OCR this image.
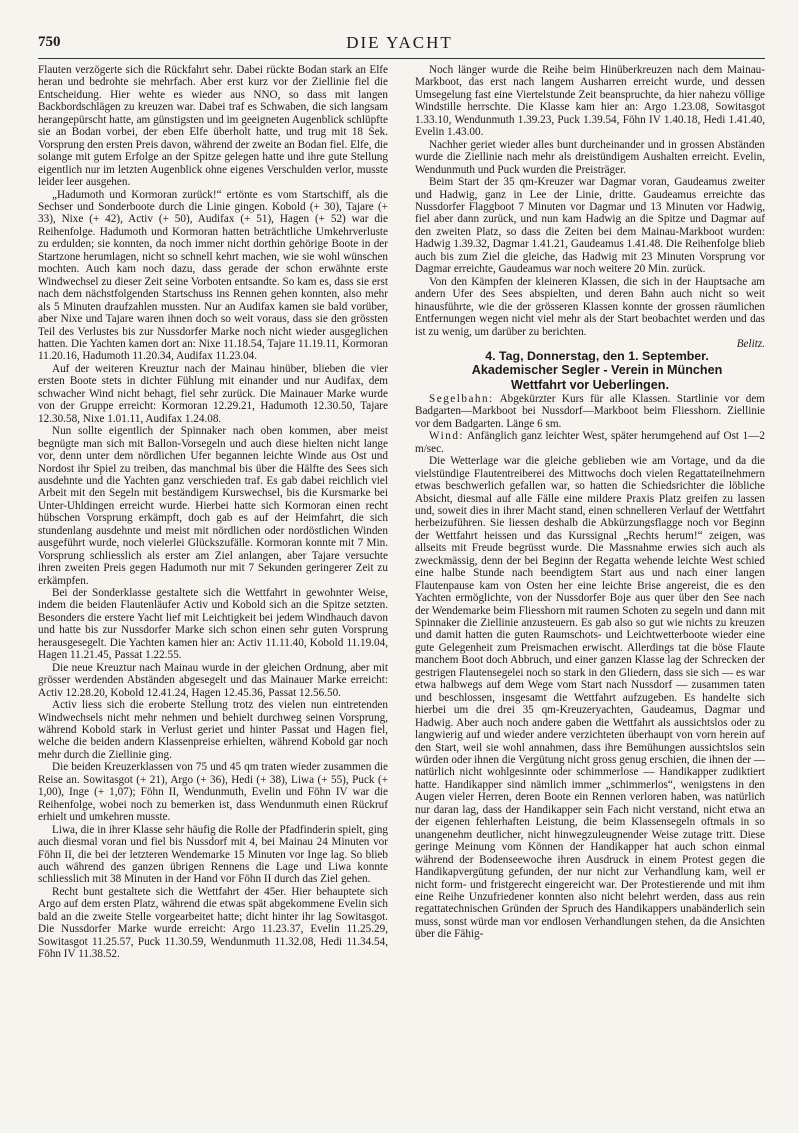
750	DIE YACHT

Flauten verzögerte sich die Rückfahrt sehr. Dabei rückte Bodan stark an Elfe heran und bedrohte sie mehrfach. Aber erst kurz vor der Ziellinie fiel die Entscheidung. Hier wehte es wieder aus NNO, so dass mit langen Backbordschlägen zu kreuzen war. Dabei traf es Schwaben, die sich langsam herangepürscht hatte, am günstigsten und im geeigneten Augenblick schlüpfte sie an Bodan vorbei, der eben Elfe überholt hatte, und trug mit 18 Sek. Vorsprung den ersten Preis davon, während der zweite an Bodan fiel. Elfe, die solange mit gutem Erfolge an der Spitze gelegen hatte und ihre gute Stellung eigentlich nur im letzten Augenblick ohne eigenes Verschulden verlor, musste leider leer ausgehen.

„Hadumoth und Kormoran zurück!“ ertönte es vom Startschiff, als die Sechser und Sonderboote durch die Linie gingen. Kobold (+ 30), Tajare (+ 33), Nixe (+ 42), Activ (+ 50), Audifax (+ 51), Hagen (+ 52) war die Reihenfolge. Hadumoth und Kormoran hatten beträchtliche Umkehrverluste zu erdulden; sie konnten, da noch immer nicht dorthin gehörige Boote in der Startzone herumlagen, nicht so schnell kehrt machen, wie sie wohl wünschen mochten. Auch kam noch dazu, dass gerade der schon erwähnte erste Windwechsel zu dieser Zeit seine Vorboten entsandte. So kam es, dass sie erst nach dem nächstfolgenden Startschuss ins Rennen gehen konnten, also mehr als 5 Minuten draufzahlen mussten. Nur an Audifax kamen sie bald vorüber, aber Nixe und Tajare waren ihnen doch so weit voraus, dass sie den grössten Teil des Verlustes bis zur Nussdorfer Marke noch nicht wieder ausgeglichen hatten. Die Yachten kamen dort an: Nixe 11.18.54, Tajare 11.19.11, Kormoran 11.20.16, Hadumoth 11.20.34, Audifax 11.23.04.

Auf der weiteren Kreuztur nach der Mainau hinüber, blieben die vier ersten Boote stets in dichter Fühlung mit einander und nur Audifax, dem schwacher Wind nicht behagt, fiel sehr zurück. Die Mainauer Marke wurde von der Gruppe erreicht: Kormoran 12.29.21, Hadumoth 12.30.50, Tajare 12.30.58, Nixe 1.01.11, Audifax 1.24.08.

Nun sollte eigentlich der Spinnaker nach oben kommen, aber meist begnügte man sich mit Ballon-Vorsegeln und auch diese hielten nicht lange vor, denn unter dem nördlichen Ufer begannen leichte Winde aus Ost und Nordost ihr Spiel zu treiben, das manchmal bis über die Hälfte des Sees sich ausdehnte und die Yachten ganz verschieden traf. Es gab dabei reichlich viel Arbeit mit den Segeln mit beständigem Kurswechsel, bis die Kursmarke bei Unter-Uhldingen erreicht wurde. Hierbei hatte sich Kormoran einen recht hübschen Vorsprung erkämpft, doch gab es auf der Heimfahrt, die sich stundenlang ausdehnte und meist mit nördlichen oder nordöstlichen Winden ausgeführt wurde, noch vielerlei Glückszufälle. Kormoran konnte mit 7 Min. Vorsprung schliesslich als erster am Ziel anlangen, aber Tajare versuchte ihren zweiten Preis gegen Hadumoth nur mit 7 Sekunden geringerer Zeit zu erkämpfen.

Bei der Sonderklasse gestaltete sich die Wettfahrt in gewohnter Weise, indem die beiden Flautenläufer Activ und Kobold sich an die Spitze setzten. Besonders die erstere Yacht lief mit Leichtigkeit bei jedem Windhauch davon und hatte bis zur Nussdorfer Marke sich schon einen sehr guten Vorsprung herausgesegelt. Die Yachten kamen hier an: Activ 11.11.40, Kobold 11.19.04, Hagen 11.21.45, Passat 1.22.55.

Die neue Kreuztur nach Mainau wurde in der gleichen Ordnung, aber mit grösser werdenden Abständen abgesegelt und das Mainauer Marke erreicht: Activ 12.28.20, Kobold 12.41.24, Hagen 12.45.36, Passat 12.56.50.

Activ liess sich die eroberte Stellung trotz des vielen nun eintretenden Windwechsels nicht mehr nehmen und behielt durchweg seinen Vorsprung, während Kobold stark in Verlust geriet und hinter Passat und Hagen fiel, welche die beiden andern Klassenpreise erhielten, während Kobold gar noch mehr durch die Ziellinie ging.

Die beiden Kreuzerklassen von 75 und 45 qm traten wieder zusammen die Reise an. Sowitasgot (+ 21), Argo (+ 36), Hedi (+ 38), Liwa (+ 55), Puck (+ 1,00), Inge (+ 1,07); Föhn II, Wendunmuth, Evelin und Föhn IV war die Reihenfolge, wobei noch zu bemerken ist, dass Wendunmuth einen Rückruf erhielt und umkehren musste.

Liwa, die in ihrer Klasse sehr häufig die Rolle der Pfadfinderin spielt, ging auch diesmal voran und fiel bis Nussdorf mit 4, bei Mainau 24 Minuten vor Föhn II, die bei der letzteren Wendemarke 15 Minuten vor Inge lag. So blieb auch während des ganzen übrigen Rennens die Lage und Liwa konnte schliesslich mit 38 Minuten in der Hand vor Föhn II durch das Ziel gehen.

Recht bunt gestaltete sich die Wettfahrt der 45er. Hier behauptete sich Argo auf dem ersten Platz, während die etwas spät abgekommene Evelin sich bald an die zweite Stelle vorgearbeitet hatte; dicht hinter ihr lag Sowitasgot. Die Nussdorfer Marke wurde erreicht: Argo 11.23.37, Evelin 11.25.29, Sowitasgot 11.25.57, Puck 11.30.59, Wendunmuth 11.32.08, Hedi 11.34.54, Föhn IV 11.38.52.

Noch länger wurde die Reihe beim Hinüberkreuzen nach dem Mainau-Markboot, das erst nach langem Ausharren erreicht wurde, und dessen Umsegelung fast eine Viertelstunde Zeit beanspruchte, da hier nahezu völlige Windstille herrschte. Die Klasse kam hier an: Argo 1.23.08, Sowitasgot 1.33.10, Wendunmuth 1.39.23, Puck 1.39.54, Föhn IV 1.40.18, Hedi 1.41.40, Evelin 1.43.00.

Nachher geriet wieder alles bunt durcheinander und in grossen Abständen wurde die Ziellinie nach mehr als dreistündigem Aushalten erreicht. Evelin, Wendunmuth und Puck wurden die Preisträger.

Beim Start der 35 qm-Kreuzer war Dagmar voran, Gaudeamus zweiter und Hadwig, ganz in Lee der Linie, dritte. Gaudeamus erreichte das Nussdorfer Flaggboot 7 Minuten vor Dagmar und 13 Minuten vor Hadwig, fiel aber dann zurück, und nun kam Hadwig an die Spitze und Dagmar auf den zweiten Platz, so dass die Zeiten bei dem Mainau-Markboot wurden: Hadwig 1.39.32, Dagmar 1.41.21, Gaudeamus 1.41.48. Die Reihenfolge blieb auch bis zum Ziel die gleiche, das Hadwig mit 23 Minuten Vorsprung vor Dagmar erreichte, Gaudeamus war noch weitere 20 Min. zurück.

Von den Kämpfen der kleineren Klassen, die sich in der Hauptsache am andern Ufer des Sees abspielten, und deren Bahn auch nicht so weit hinausführte, wie die der grösseren Klassen konnte der grossen räumlichen Entfernungen wegen nicht viel mehr als der Start beobachtet werden und das ist zu wenig, um darüber zu berichten.

Belitz.

4. Tag, Donnerstag, den 1. September.

Akademischer Segler - Verein in München
Wettfahrt vor Ueberlingen.

Segelbahn: Abgekürzter Kurs für alle Klassen. Startlinie vor dem Badgarten—Markboot bei Nussdorf—Markboot beim Fliesshorn. Ziellinie vor dem Badgarten. Länge 6 sm.

Wind: Anfänglich ganz leichter West, später herumgehend auf Ost 1—2 m/sec.

Die Wetterlage war die gleiche geblieben wie am Vortage, und da die vielstündige Flautentreiberei des Mittwochs doch vielen Regattateilnehmern etwas beschwerlich gefallen war, so hatten die Schiedsrichter die löbliche Absicht, diesmal auf alle Fälle eine mildere Praxis Platz greifen zu lassen und, soweit dies in ihrer Macht stand, einen schnelleren Verlauf der Wettfahrt herbeizuführen. Sie liessen deshalb die Abkürzungsflagge noch vor Beginn der Wettfahrt heissen und das Kurssignal „Rechts herum!“ zeigen, was allseits mit Freude begrüsst wurde. Die Massnahme erwies sich auch als zweckmässig, denn der bei Beginn der Regatta wehende leichte West schied eine halbe Stunde nach beendigtem Start aus und nach einer langen Flautenpause kam von Osten her eine leichte Brise angereist, die es den Yachten ermöglichte, von der Nussdorfer Boje aus quer über den See nach der Wendemarke beim Fliesshorn mit raumen Schoten zu segeln und dann mit Spinnaker die Ziellinie anzusteuern. Es gab also so gut wie nichts zu kreuzen und damit hatten die guten Raumschots- und Leichtwetterboote wieder eine gute Gelegenheit zum Preismachen erwischt. Allerdings tat die böse Flaute manchem Boot doch Abbruch, und einer ganzen Klasse lag der Schrecken der gestrigen Flautensegelei noch so stark in den Gliedern, dass sie sich — es war etwa halbwegs auf dem Wege vom Start nach Nussdorf — zusammen taten und beschlossen, insgesamt die Wettfahrt aufzugeben. Es handelte sich hierbei um die drei 35 qm-Kreuzeryachten, Gaudeamus, Dagmar und Hadwig. Aber auch noch andere gaben die Wettfahrt als aussichtslos oder zu langwierig auf und wieder andere verzichteten überhaupt von vorn herein auf den Start, weil sie wohl annahmen, dass ihre Bemühungen aussichtslos sein würden oder ihnen die Vergütung nicht gross genug erschien, die ihnen der — natürlich nicht wohlgesinnte oder schimmerlose — Handikapper zudiktiert hatte. Handikapper sind nämlich immer „schimmerlos“, wenigstens in den Augen vieler Herren, deren Boote ein Rennen verloren haben, was natürlich nur daran lag, dass der Handikapper sein Fach nicht verstand, nicht etwa an der eigenen fehlerhaften Leistung, die beim Klassensegeln oftmals in so unangenehm deutlicher, nicht hinwegzuleugnender Weise zutage tritt. Diese geringe Meinung vom Können der Handikapper hat auch schon einmal während der Bodenseewoche ihren Ausdruck in einem Protest gegen die Handikapvergütung gefunden, der nur nicht zur Verhandlung kam, weil er nicht form- und fristgerecht eingereicht war. Der Protestierende und mit ihm eine Reihe Unzufriedener konnten also nicht belehrt werden, dass aus rein regattatechnischen Gründen der Spruch des Handikappers unabänderlich sein muss, sonst würde man vor endlosen Verhandlungen stehen, da die Ansichten über die Fähig-
